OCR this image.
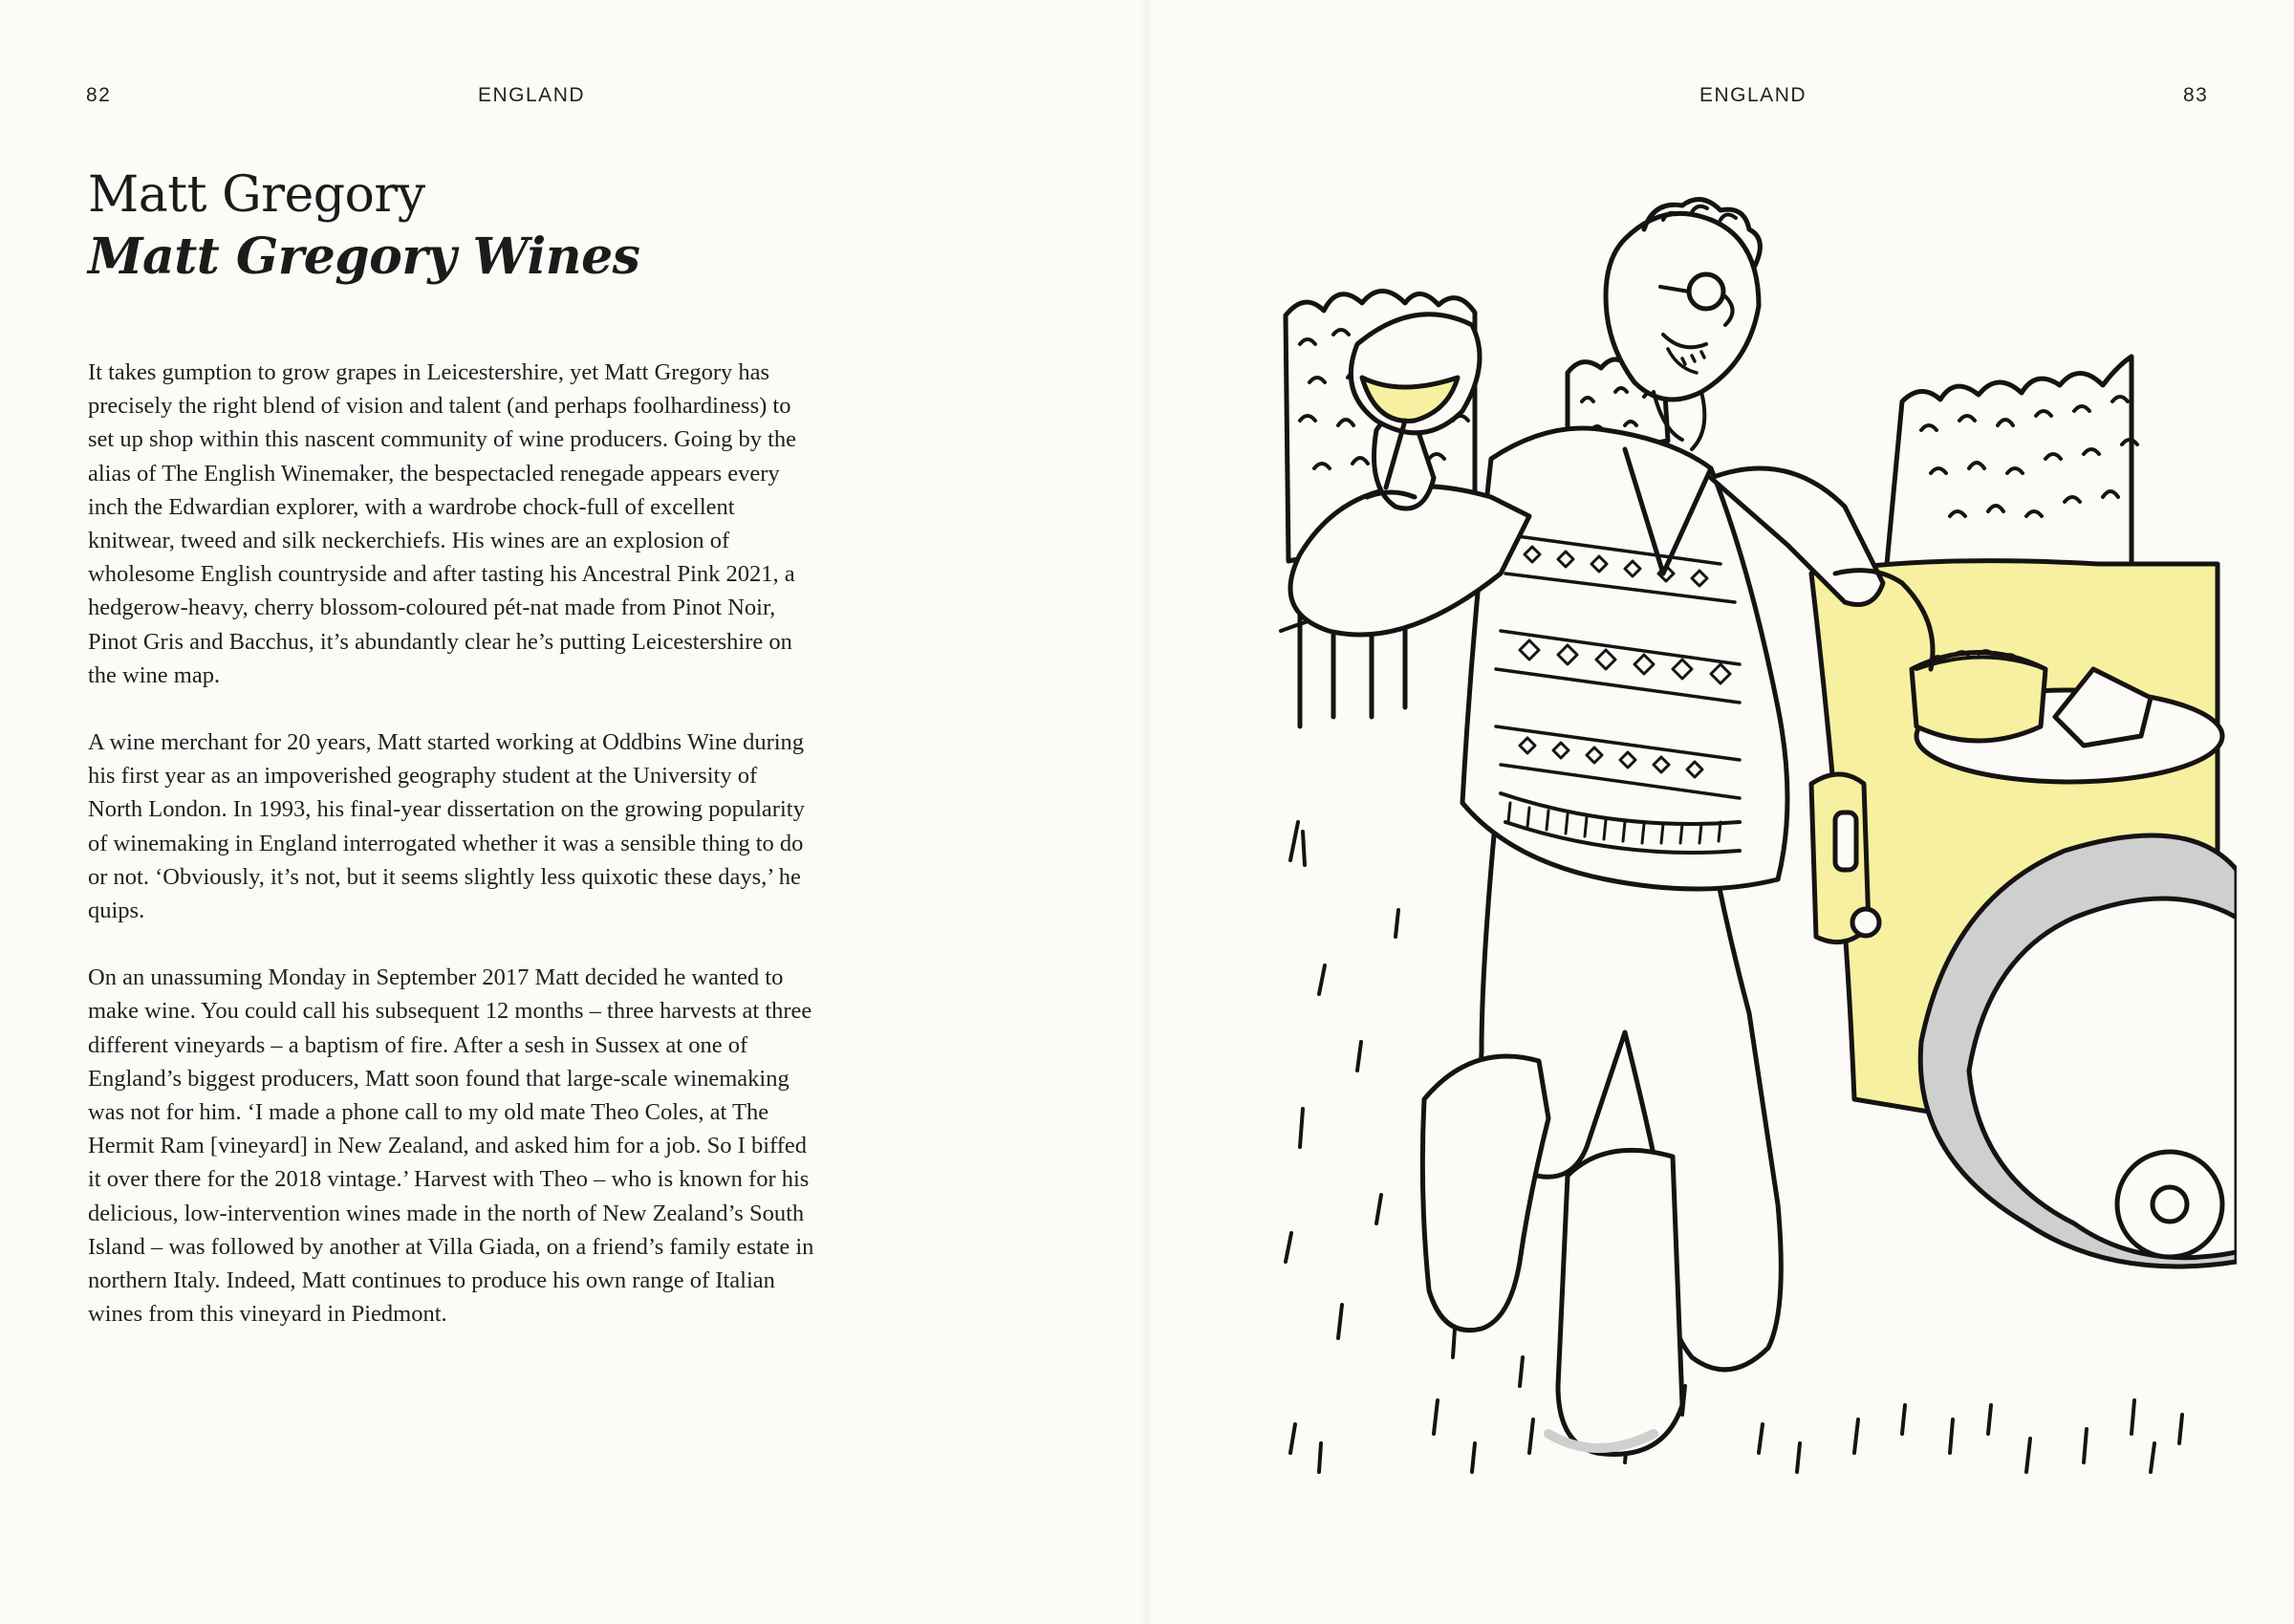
82	ENGLAND
Matt Gregory
Matt Gregory Wines

It takes gumption to grow grapes in Leicestershire, yet Matt Gregory has precisely the right blend of vision and talent (and perhaps foolhardiness) to set up shop within this nascent community of wine producers. Going by the alias of The English Winemaker, the bespectacled renegade appears every inch the Edwardian explorer, with a wardrobe chock-full of excellent knitwear, tweed and silk neckerchiefs. His wines are an explosion of wholesome English countryside and after tasting his Ancestral Pink 2021, a hedgerow-heavy, cherry blossom-coloured pét-nat made from Pinot Noir, Pinot Gris and Bacchus, it’s abundantly clear he’s putting Leicestershire on the wine map.

A wine merchant for 20 years, Matt started working at Oddbins Wine during his first year as an impoverished geography student at the University of North London. In 1993, his final-year dissertation on the growing popularity of winemaking in England interrogated whether it was a sensible thing to do or not. ‘Obviously, it’s not, but it seems slightly less quixotic these days,’ he quips.

On an unassuming Monday in September 2017 Matt decided he wanted to make wine. You could call his subsequent 12 months – three harvests at three different vineyards – a baptism of fire. After a sesh in Sussex at one of England’s biggest producers, Matt soon found that large-scale winemaking was not for him. ‘I made a phone call to my old mate Theo Coles, at The Hermit Ram [vineyard] in New Zealand, and asked him for a job. So I biffed it over there for the 2018 vintage.’ Harvest with Theo – who is known for his delicious, low-intervention wines made in the north of New Zealand’s South Island – was followed by another at Villa Giada, on a friend’s family estate in northern Italy. Indeed, Matt continues to produce his own range of Italian wines from this vineyard in Piedmont.

ENGLAND	83
